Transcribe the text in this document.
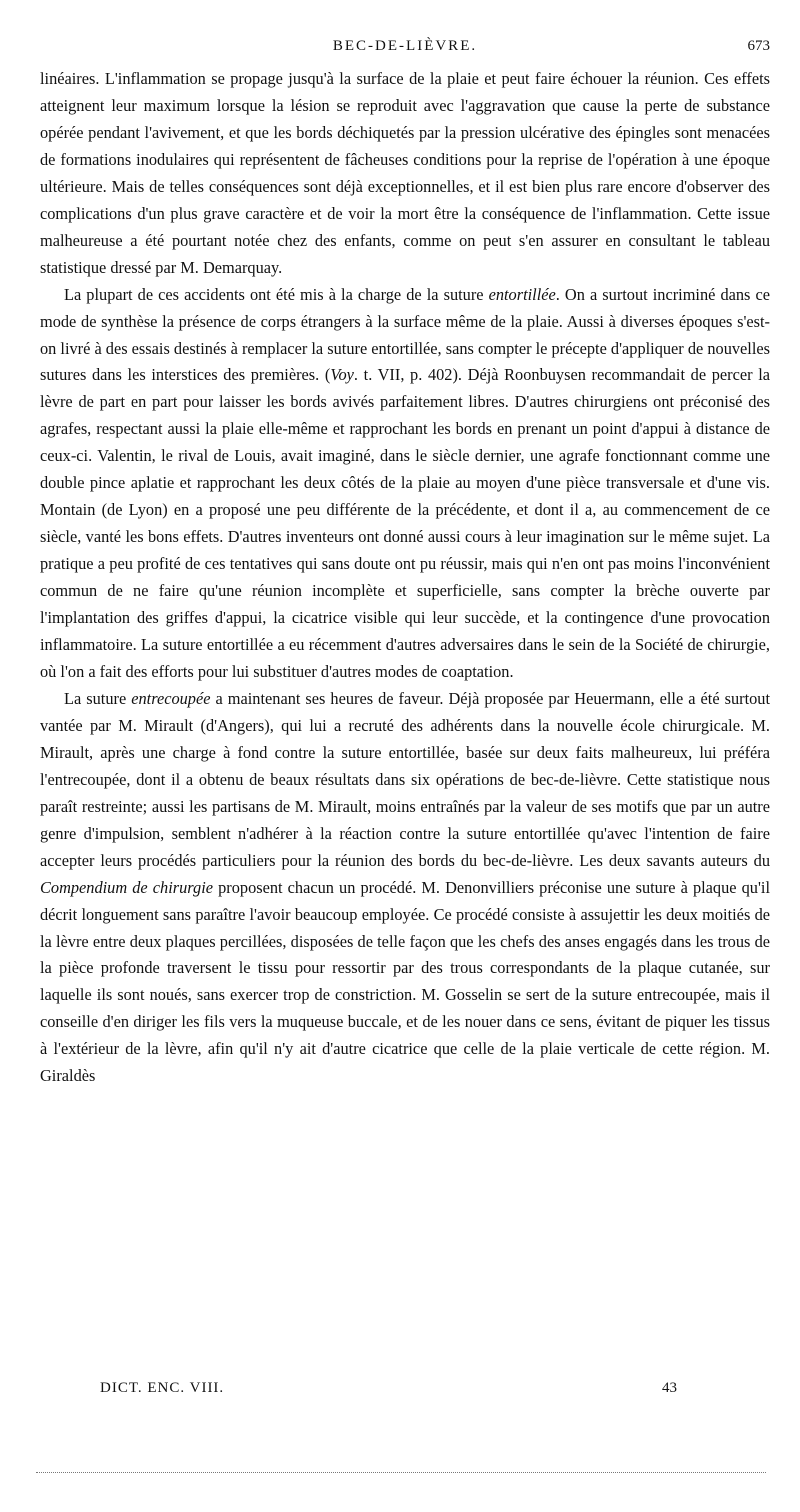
BEC-DE-LIÈVRE.	673

linéaires. L'inflammation se propage jusqu'à la surface de la plaie et peut faire échouer la réunion. Ces effets atteignent leur maximum lorsque la lésion se reproduit avec l'aggravation que cause la perte de substance opérée pendant l'avivement, et que les bords déchiquetés par la pression ulcérative des épingles sont menacées de formations inodulaires qui représentent de fâcheuses conditions pour la reprise de l'opération à une époque ultérieure. Mais de telles conséquences sont déjà exceptionnelles, et il est bien plus rare encore d'observer des complications d'un plus grave caractère et de voir la mort être la conséquence de l'inflammation. Cette issue malheureuse a été pourtant notée chez des enfants, comme on peut s'en assurer en consultant le tableau statistique dressé par M. Demarquay.

La plupart de ces accidents ont été mis à la charge de la suture entortillée. On a surtout incriminé dans ce mode de synthèse la présence de corps étrangers à la surface même de la plaie. Aussi à diverses époques s'est-on livré à des essais destinés à remplacer la suture entortillée, sans compter le précepte d'appliquer de nouvelles sutures dans les interstices des premières. (Voy. t. VII, p. 402). Déjà Roonbuysen recommandait de percer la lèvre de part en part pour laisser les bords avivés parfaitement libres. D'autres chirurgiens ont préconisé des agrafes, respectant aussi la plaie elle-même et rapprochant les bords en prenant un point d'appui à distance de ceux-ci. Valentin, le rival de Louis, avait imaginé, dans le siècle dernier, une agrafe fonctionnant comme une double pince aplatie et rapprochant les deux côtés de la plaie au moyen d'une pièce transversale et d'une vis. Montain (de Lyon) en a proposé une peu différente de la précédente, et dont il a, au commencement de ce siècle, vanté les bons effets. D'autres inventeurs ont donné aussi cours à leur imagination sur le même sujet. La pratique a peu profité de ces tentatives qui sans doute ont pu réussir, mais qui n'en ont pas moins l'inconvénient commun de ne faire qu'une réunion incomplète et superficielle, sans compter la brèche ouverte par l'implantation des griffes d'appui, la cicatrice visible qui leur succède, et la contingence d'une provocation inflammatoire. La suture entortillée a eu récemment d'autres adversaires dans le sein de la Société de chirurgie, où l'on a fait des efforts pour lui substituer d'autres modes de coaptation.

La suture entrecoupée a maintenant ses heures de faveur. Déjà proposée par Heuermann, elle a été surtout vantée par M. Mirault (d'Angers), qui lui a recruté des adhérents dans la nouvelle école chirurgicale. M. Mirault, après une charge à fond contre la suture entortillée, basée sur deux faits malheureux, lui préféra l'entrecoupée, dont il a obtenu de beaux résultats dans six opérations de bec-de-lièvre. Cette statistique nous paraît restreinte; aussi les partisans de M. Mirault, moins entraînés par la valeur de ses motifs que par un autre genre d'impulsion, semblent n'adhérer à la réaction contre la suture entortillée qu'avec l'intention de faire accepter leurs procédés particuliers pour la réunion des bords du bec-de-lièvre. Les deux savants auteurs du Compendium de chirurgie proposent chacun un procédé. M. Denonvilliers préconise une suture à plaque qu'il décrit longuement sans paraître l'avoir beaucoup employée. Ce procédé consiste à assujettir les deux moitiés de la lèvre entre deux plaques percillées, disposées de telle façon que les chefs des anses engagés dans les trous de la pièce profonde traversent le tissu pour ressortir par des trous correspondants de la plaque cutanée, sur laquelle ils sont noués, sans exercer trop de constriction. M. Gosselin se sert de la suture entrecoupée, mais il conseille d'en diriger les fils vers la muqueuse buccale, et de les nouer dans ce sens, évitant de piquer les tissus à l'extérieur de la lèvre, afin qu'il n'y ait d'autre cicatrice que celle de la plaie verticale de cette région. M. Giraldès

DICT. ENC. VIII.	43
